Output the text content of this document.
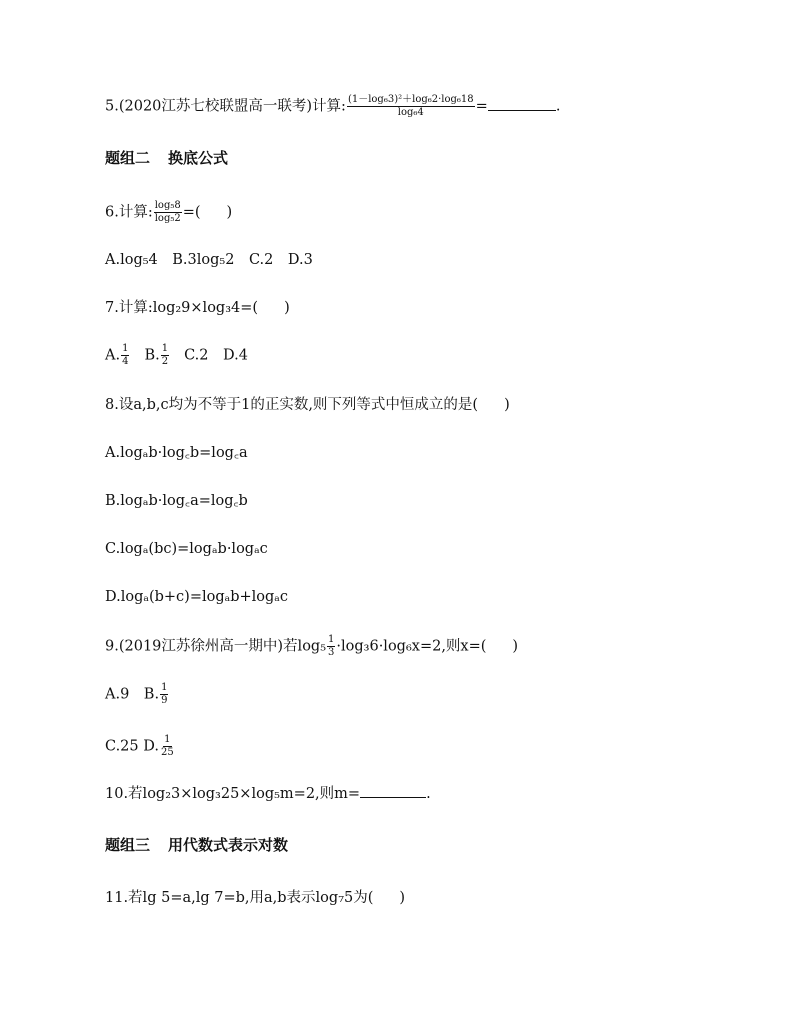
5.(2020江苏七校联盟高一联考)计算: $\frac{\text{(1－log₆3)²＋log₆2·log₆18}}{\text{log₆4}}$ =	.
题组二 换底公式
6.计算: $\frac{\text{log₅8}}{\text{log₅2}}$ =( )
A.log₅4　B.3log₅2　C.2　D.3
7.计算:log₂9×log₃4=( )
A. $\frac{1}{4} B$. $\frac{1}{2} C.2$　D.4
8.设a,b,c均为不等于1的正实数,则下列等式中恒成立的是( )
A.logₐb·log꜀b=log꜀a
B.logₐb·log꜀a=log꜀b
C.logₐ(bc)=logₐb·logₐc
D.logₐ(b+c)=logₐb+logₐc
9.(2019江苏徐州高一期中)若$\log_5 \frac{1}{3} \cdot\log_36\cdot\log_6x=2$,则x=( )
A.9　B. $\frac{1}{9}$
C.25 D. $\frac{1}{25}$
10.若log₂3×log₃25×log₅m=2,则m=	.
题组三 用代数式表示对数
11.若lg 5=a,lg 7=b,用a,b表示log₇5为( )
